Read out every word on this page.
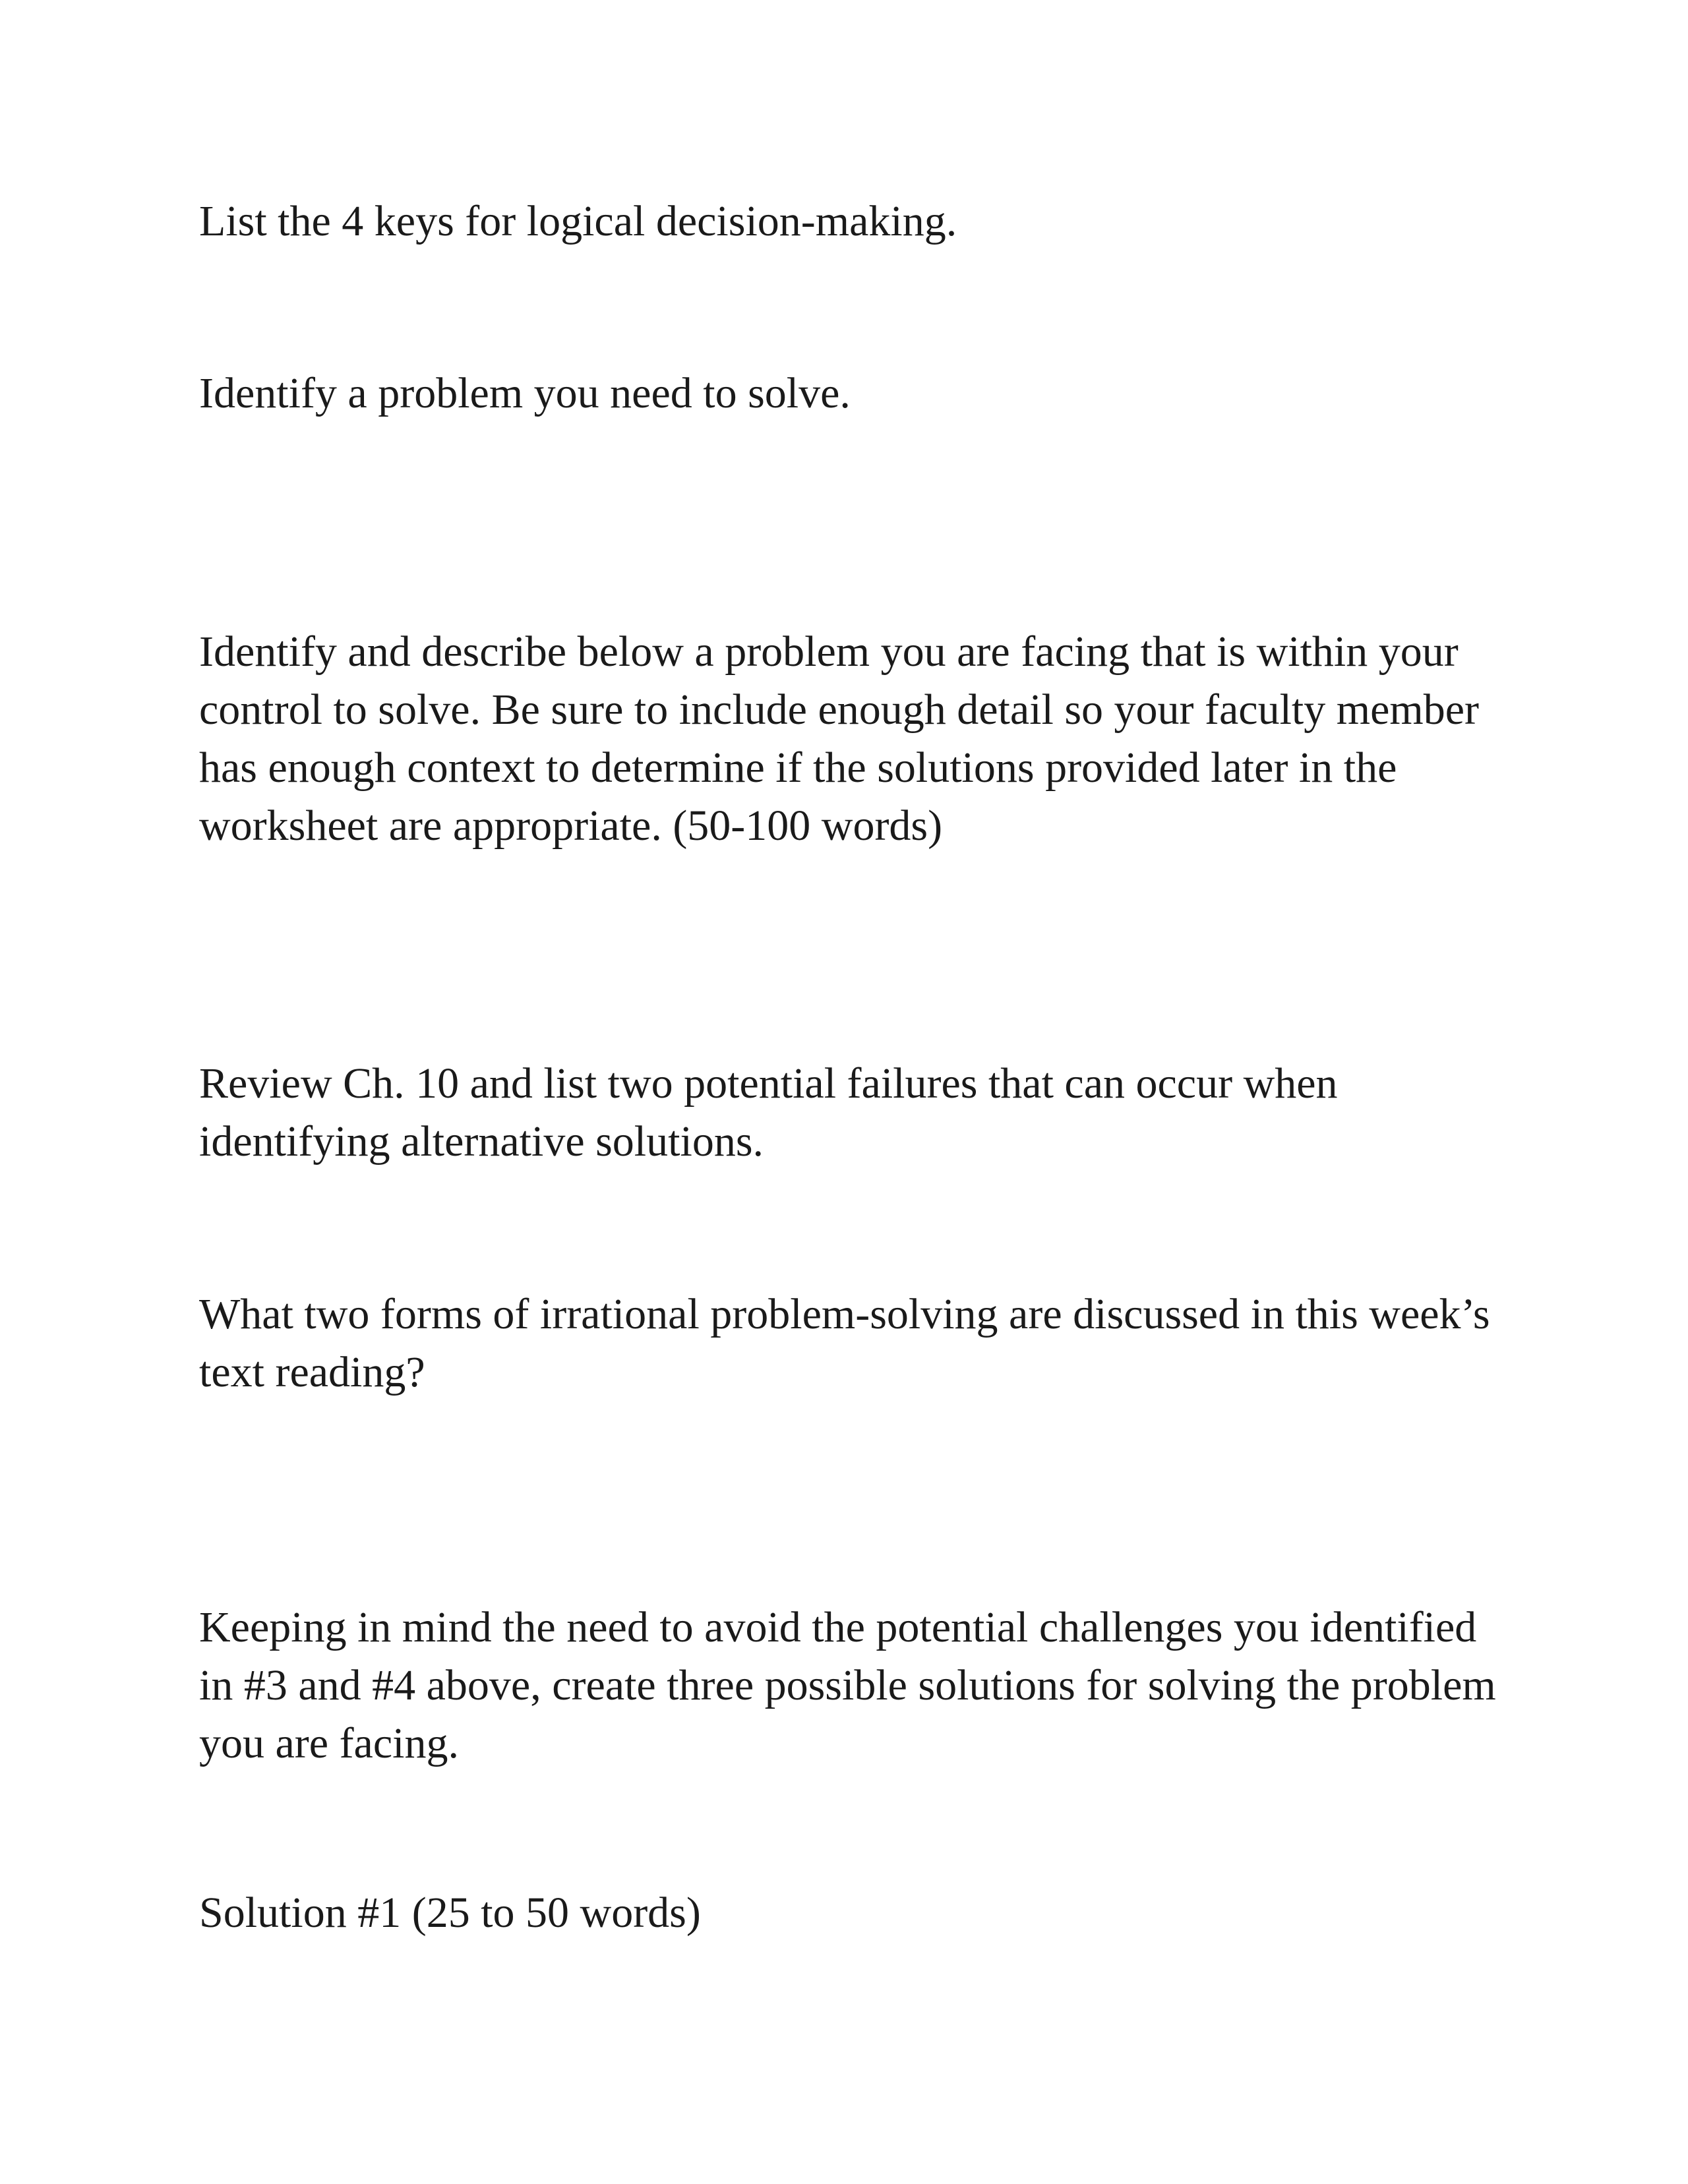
List the 4 keys for logical decision-making.

Identify a problem you need to solve.

Identify and describe below a problem you are facing that is within your control to solve. Be sure to include enough detail so your faculty member has enough context to determine if the solutions provided later in the worksheet are appropriate. (50-100 words)

Review Ch. 10 and list two potential failures that can occur when identifying alternative solutions.

What two forms of irrational problem-solving are discussed in this week’s text reading?

Keeping in mind the need to avoid the potential challenges you identified in #3 and #4 above, create three possible solutions for solving the problem you are facing.

Solution #1 (25 to 50 words)
